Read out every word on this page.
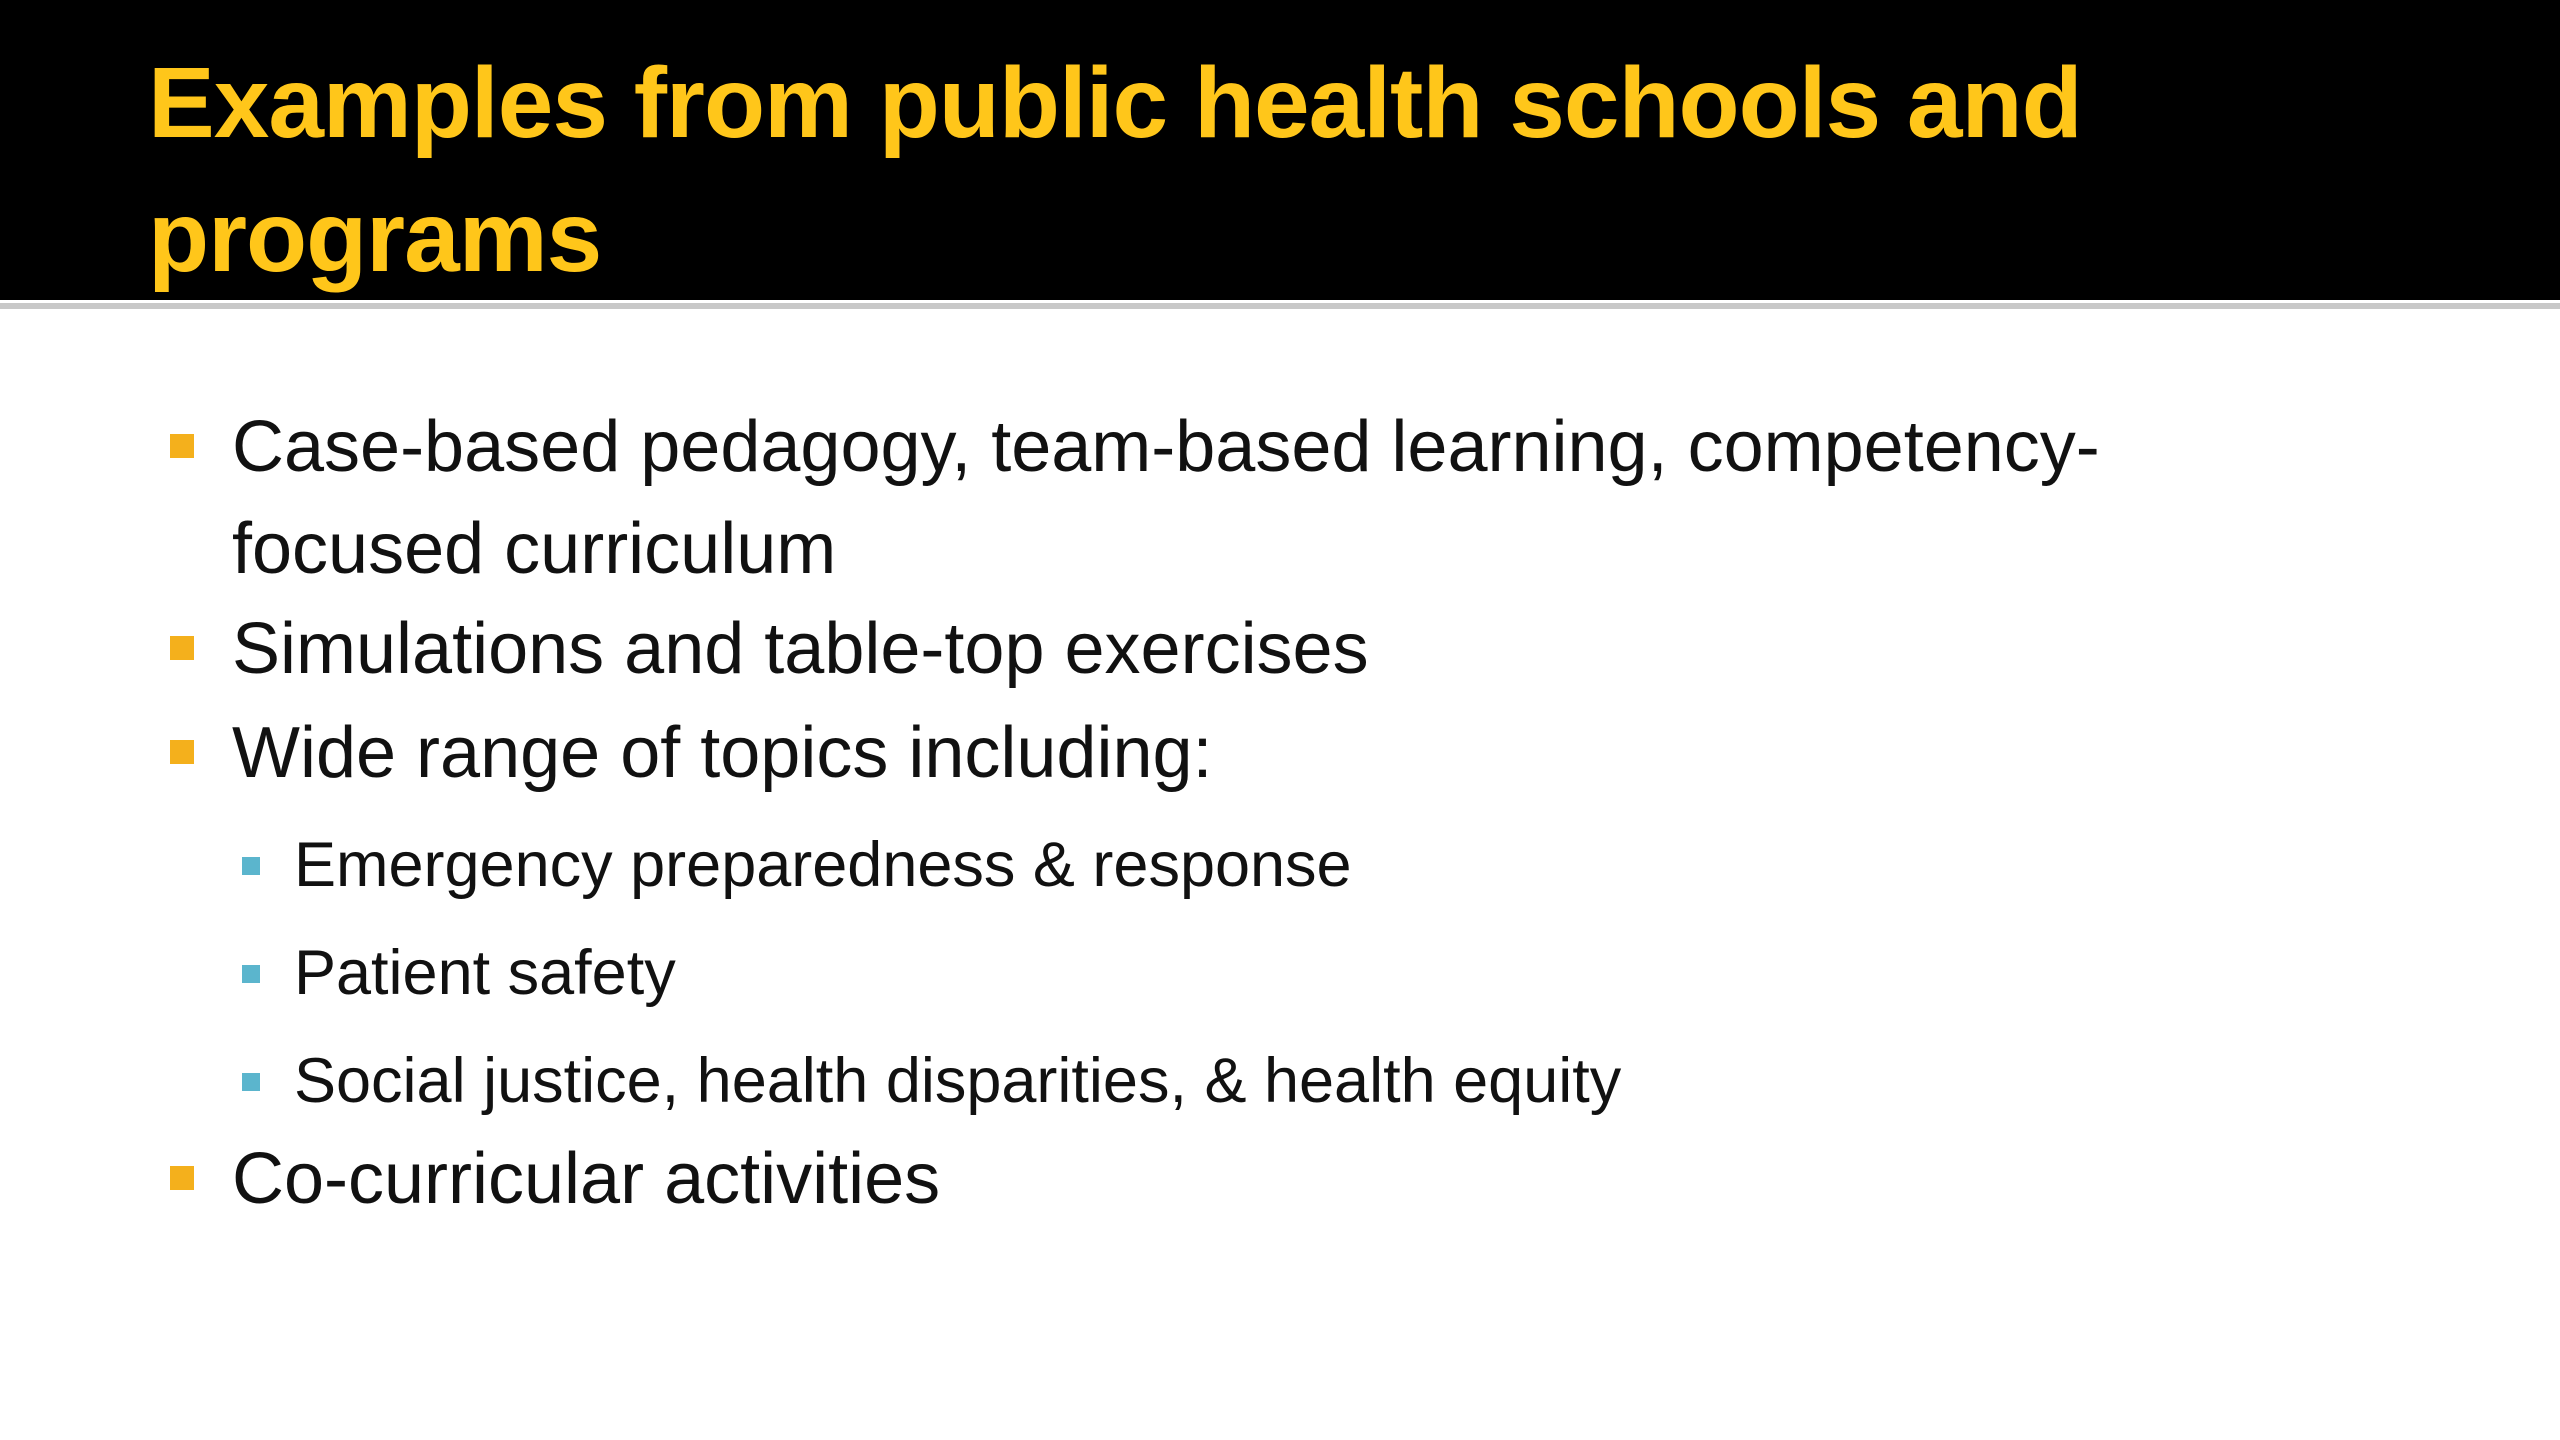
Examples from public health schools and programs

Case-based pedagogy, team-based learning, competency-focused curriculum

Simulations and table-top exercises

Wide range of topics including:

Emergency preparedness & response

Patient safety

Social justice, health disparities, & health equity

Co-curricular activities
